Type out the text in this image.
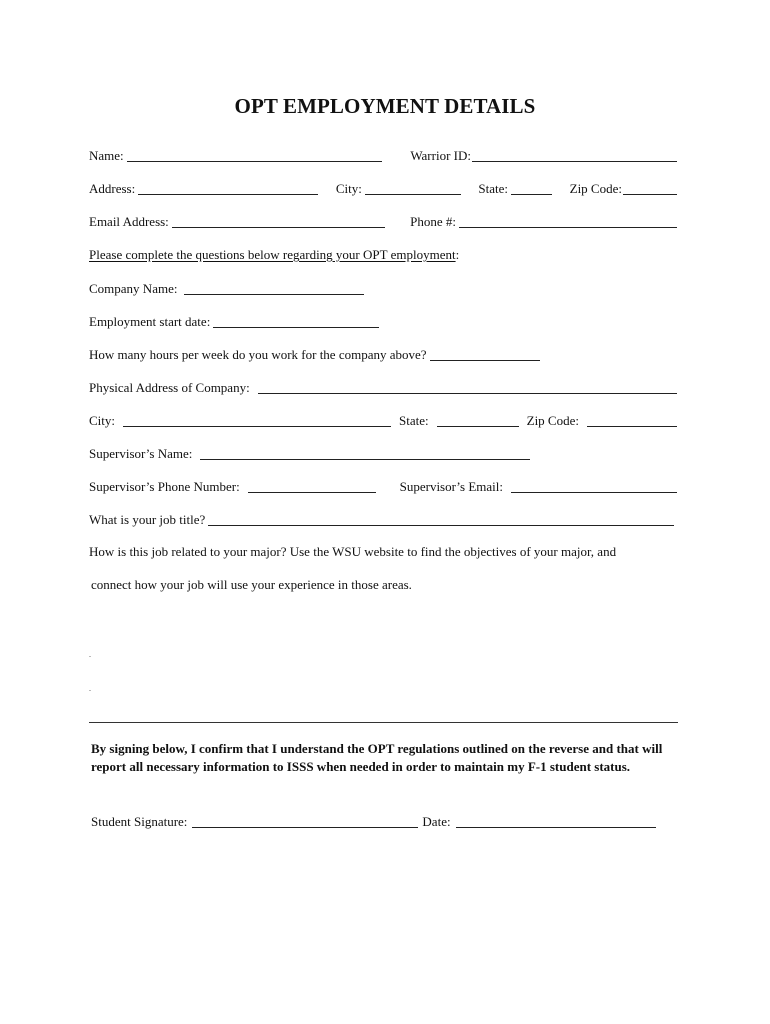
OPT EMPLOYMENT DETAILS
Name:	Warrior ID:
Address:	City:	State:	Zip Code:
Email Address:	Phone #:
Please complete the questions below regarding your OPT employment :
Company Name:
Employment start date:
How many hours per week do you work for the company above?
Physical Address of Company:
City:	State:	Zip Code:
Supervisor’s Name:
Supervisor’s Phone Number:	Supervisor’s Email:
What is your job title?
How is this job related to your major? Use the WSU website to find the objectives of your major, and
connect how your job will use your experience in those areas.
By signing below, I confirm that I understand the OPT regulations outlined on the reverse and that will report all necessary information to ISSS when needed in order to maintain my F-1 student status.
Student Signature:	Date:
